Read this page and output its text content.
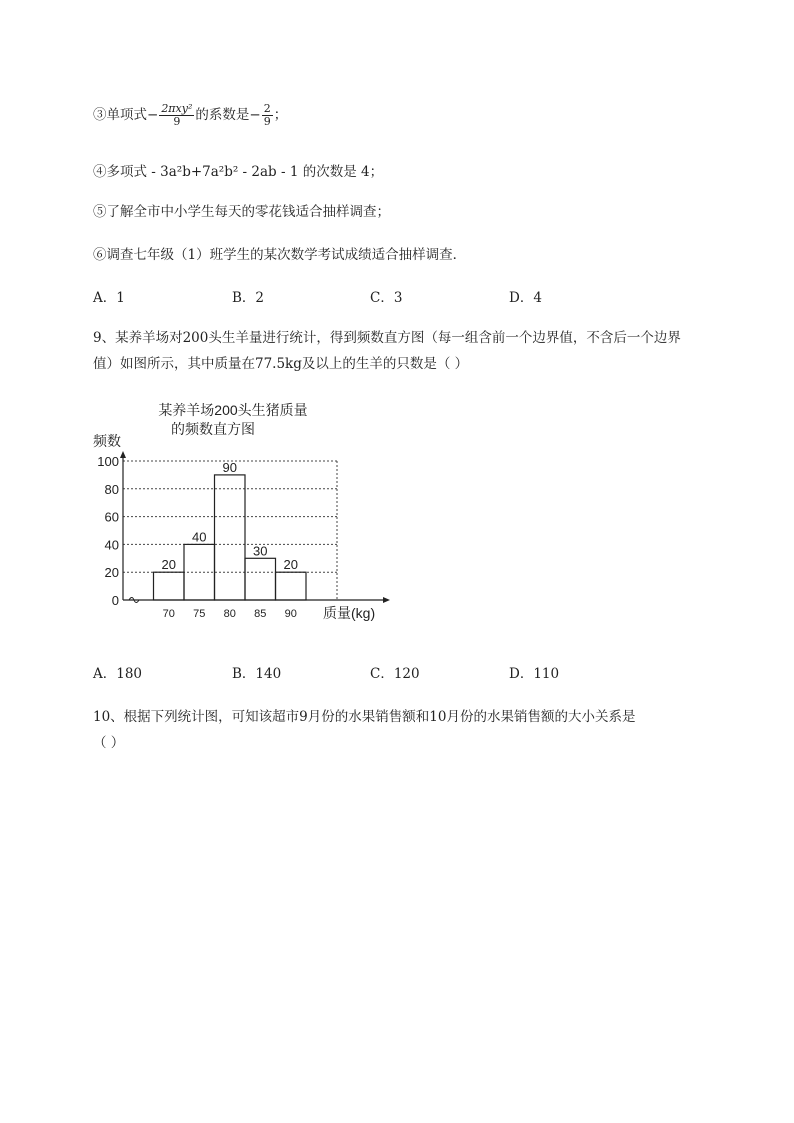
③单项式− $\frac{\text{2πxy²}}{9}$ 的系数是− $\frac{2}{9}$ ；
④多项式 - 3a²b+7a²b² - 2ab - 1 的次数是 4；
⑤了解全市中小学生每天的零花钱适合抽样调查；
⑥调查七年级（1）班学生的某次数学考试成绩适合抽样调查．
A．1	B．2	C．3	D．4
9、某养羊场对200头生羊量进行统计，得到频数直方图（每一组含前一个边界值，不含后一个边界
值）如图所示，其中质量在77.5kg及以上的生羊的只数是（ ）
某养羊场200头生猪质量
的频数直方图
频数
质量(kg)
0
20
40
60
80
100
20
70
40
75
90
80
30
85
20
90
A．180	B．140	C．120	D．110
10、根据下列统计图，可知该超市9月份的水果销售额和10月份的水果销售额的大小关系是
（ ）
